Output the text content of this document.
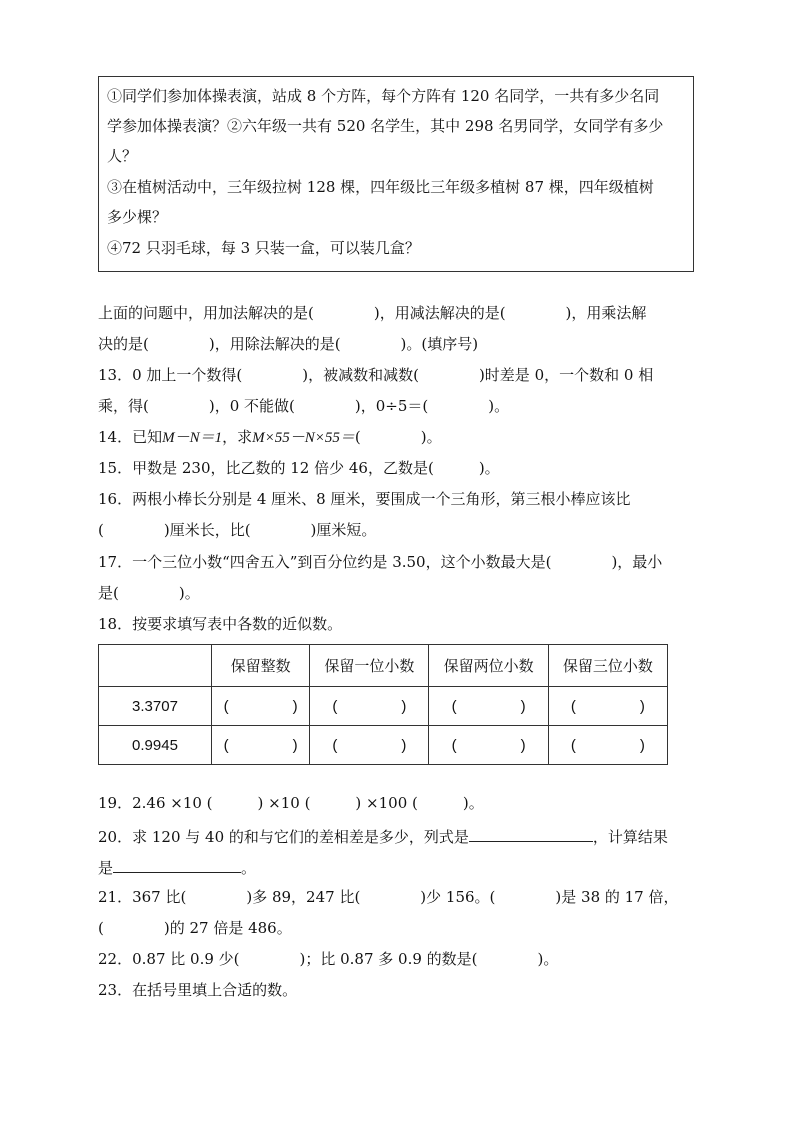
①同学们参加体操表演，站成 8 个方阵，每个方阵有 120 名同学，一共有多少名同
学参加体操表演？②六年级一共有 520 名学生，其中 298 名男同学，女同学有多少
人？
③在植树活动中，三年级拉树 128 棵，四年级比三年级多植树 87 棵，四年级植树
多少棵？
④72 只羽毛球，每 3 只装一盒，可以装几盒？
上面的问题中，用加法解决的是(　　　　)，用减法解决的是(　　　　)，用乘法解
决的是(　　　　)，用除法解决的是(　　　　)。(填序号)
13．0 加上一个数得(　　　　)，被减数和减数(　　　　)时差是 0，一个数和 0 相
乘，得(　　　　)，0 不能做(　　　　)，0÷5＝(　　　　)。
14．已知M－N＝1，求M×55－N×55＝(　　　　)。
15．甲数是 230，比乙数的 12 倍少 46，乙数是(　　　)。
16．两根小棒长分别是 4 厘米、8 厘米，要围成一个三角形，第三根小棒应该比
(　　　　)厘米长，比(　　　　)厘米短。
17．一个三位小数“四舍五入”到百分位约是 3.50，这个小数最大是(　　　　)，最小
是(　　　　)。
18．按要求填写表中各数的近似数。
	保留整数	保留一位小数	保留两位小数	保留三位小数
3.3707	( )	( )	( )	( )

0.9945	( )	( )	( )	( )
19．2.46 ×10 (　　　) ×10 (　　　) ×100 (　　　)。
20．求 120 与 40 的和与它们的差相差是多少，列式是	，计算结果
是	。
21．367 比(　　　　)多 89，247 比(　　　　)少 156。(　　　　)是 38 的 17 倍，
(　　　　)的 27 倍是 486。
22．0.87 比 0.9 少(　　　　)；比 0.87 多 0.9 的数是(　　　　)。
23．在括号里填上合适的数。
